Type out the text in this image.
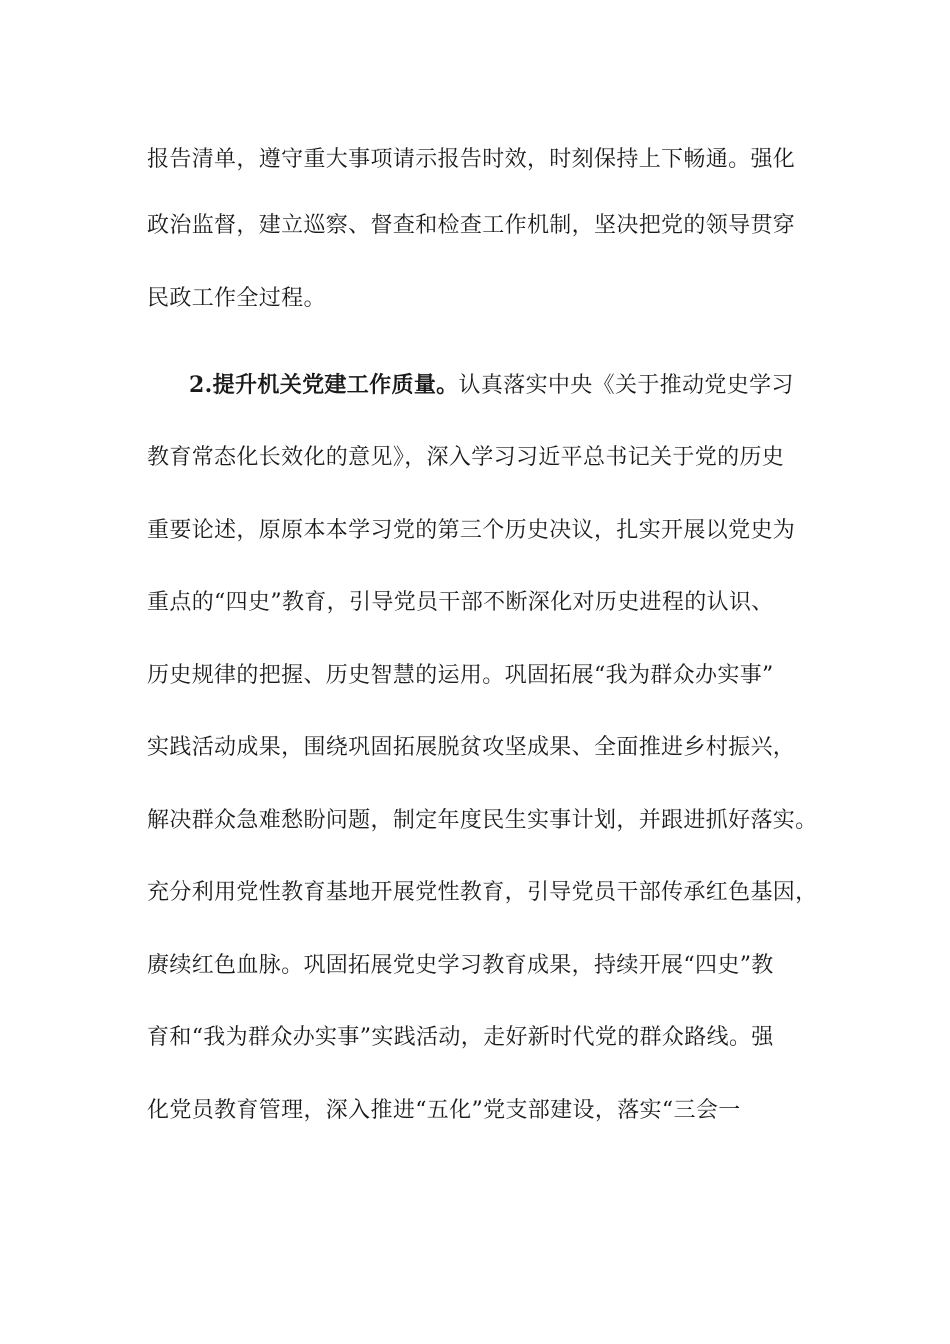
报告清单，遵守重大事项请示报告时效，时刻保持上下畅通。强化
政治监督，建立巡察、督查和检查工作机制，坚决把党的领导贯穿
民政工作全过程。
2.提升机关党建工作质量。认真落实中央《关于推动党史学习
教育常态化长效化的意见》，深入学习习近平总书记关于党的历史
重要论述，原原本本学习党的第三个历史决议，扎实开展以党史为
重点的“四史”教育，引导党员干部不断深化对历史进程的认识、
历史规律的把握、历史智慧的运用。巩固拓展“我为群众办实事”
实践活动成果，围绕巩固拓展脱贫攻坚成果、全面推进乡村振兴，
解决群众急难愁盼问题，制定年度民生实事计划，并跟进抓好落实。
充分利用党性教育基地开展党性教育，引导党员干部传承红色基因，
赓续红色血脉。巩固拓展党史学习教育成果，持续开展“四史”教
育和“我为群众办实事”实践活动，走好新时代党的群众路线。强
化党员教育管理，深入推进“五化”党支部建设，落实“三会一
